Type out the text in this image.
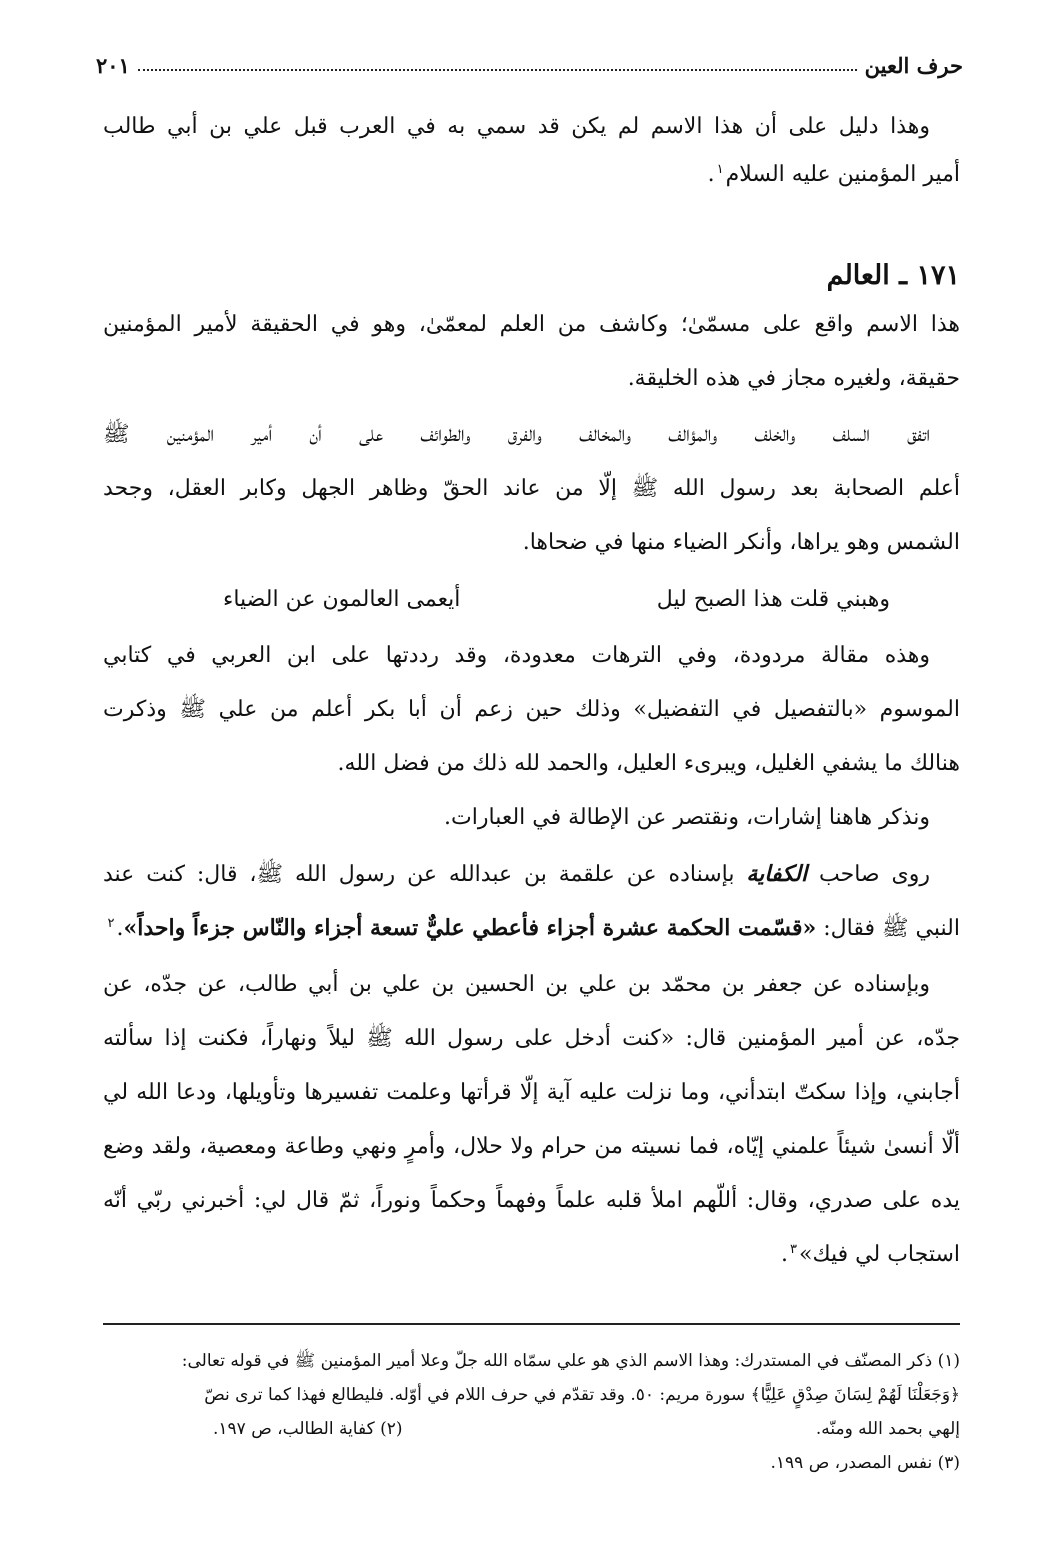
حرف العين
٢٠١
وهذا دليل على أن هذا الاسم لم يكن قد سمي به في العرب قبل علي بن أبي طالب
أمير المؤمنين عليه السلام$^١$.
١٧١ ـ العالم
هذا الاسم واقع على مسمّىٰ؛ وكاشف من العلم لمعمّىٰ، وهو في الحقيقة لأمير المؤمنين
حقيقة، ولغيره مجاز في هذه الخليقة.
اتفق السلف والخلف والمؤالف والمخالف والفرق والطوائف على أن أمير المؤمنين ﷺ
أعلم الصحابة بعد رسول الله ﷺ إلّا من عاند الحقّ وظاهر الجهل وكابر العقل، وجحد
الشمس وهو يراها، وأنكر الضياء منها في ضحاها.
وهبني قلت هذا الصبح ليل
أيعمى العالمون عن الضياء
وهذه مقالة مردودة، وفي الترهات معدودة، وقد رددتها على ابن العربي في كتابي
الموسوم «بالتفصيل في التفضيل» وذلك حين زعم أن أبا بكر أعلم من علي ﷺ وذكرت
هنالك ما يشفي الغليل، ويبرىء العليل، والحمد لله ذلك من فضل الله.
ونذكر هاهنا إشارات، ونقتصر عن الإطالة في العبارات.
روى صاحب الكفاية بإسناده عن علقمة بن عبدالله عن رسول الله ﷺ، قال: كنت عند
النبي ﷺ فقال: «قسّمت الحكمة عشرة أجزاء فأعطي عليٌّ تسعة أجزاء والنّاس جزءاً واحداً».$^٢$
وبإسناده عن جعفر بن محمّد بن علي بن الحسين بن علي بن أبي طالب، عن جدّه، عن
جدّه، عن أمير المؤمنين قال: «كنت أدخل على رسول الله ﷺ ليلاً ونهاراً، فكنت إذا سألته
أجابني، وإذا سكتّ ابتدأني، وما نزلت عليه آية إلّا قرأتها وعلمت تفسيرها وتأويلها، ودعا الله لي
ألّا أنسىٰ شيئاً علمني إيّاه، فما نسيته من حرام ولا حلال، وأمرٍ ونهي وطاعة ومعصية، ولقد وضع
يده على صدري، وقال: أللّهم املأ قلبه علماً وفهماً وحكماً ونوراً، ثمّ قال لي: أخبرني ربّي أنّه
استجاب لي فيك»$^٣$.
(١) ذكر المصنّف في المستدرك: وهذا الاسم الذي هو علي سمّاه الله جلّ وعلا أمير المؤمنين ﷺ في قوله تعالى:
﴿وَجَعَلْنَا لَهُمْ لِسَانَ صِدْقٍ عَلِيًّا﴾ سورة مريم: ٥٠. وقد تقدّم في حرف اللام في أوّله. فليطالع فهذا كما ترى نصّ
إلهي بحمد الله ومنّه.
(٢) كفاية الطالب، ص ١٩٧.
(٣) نفس المصدر، ص ١٩٩.
